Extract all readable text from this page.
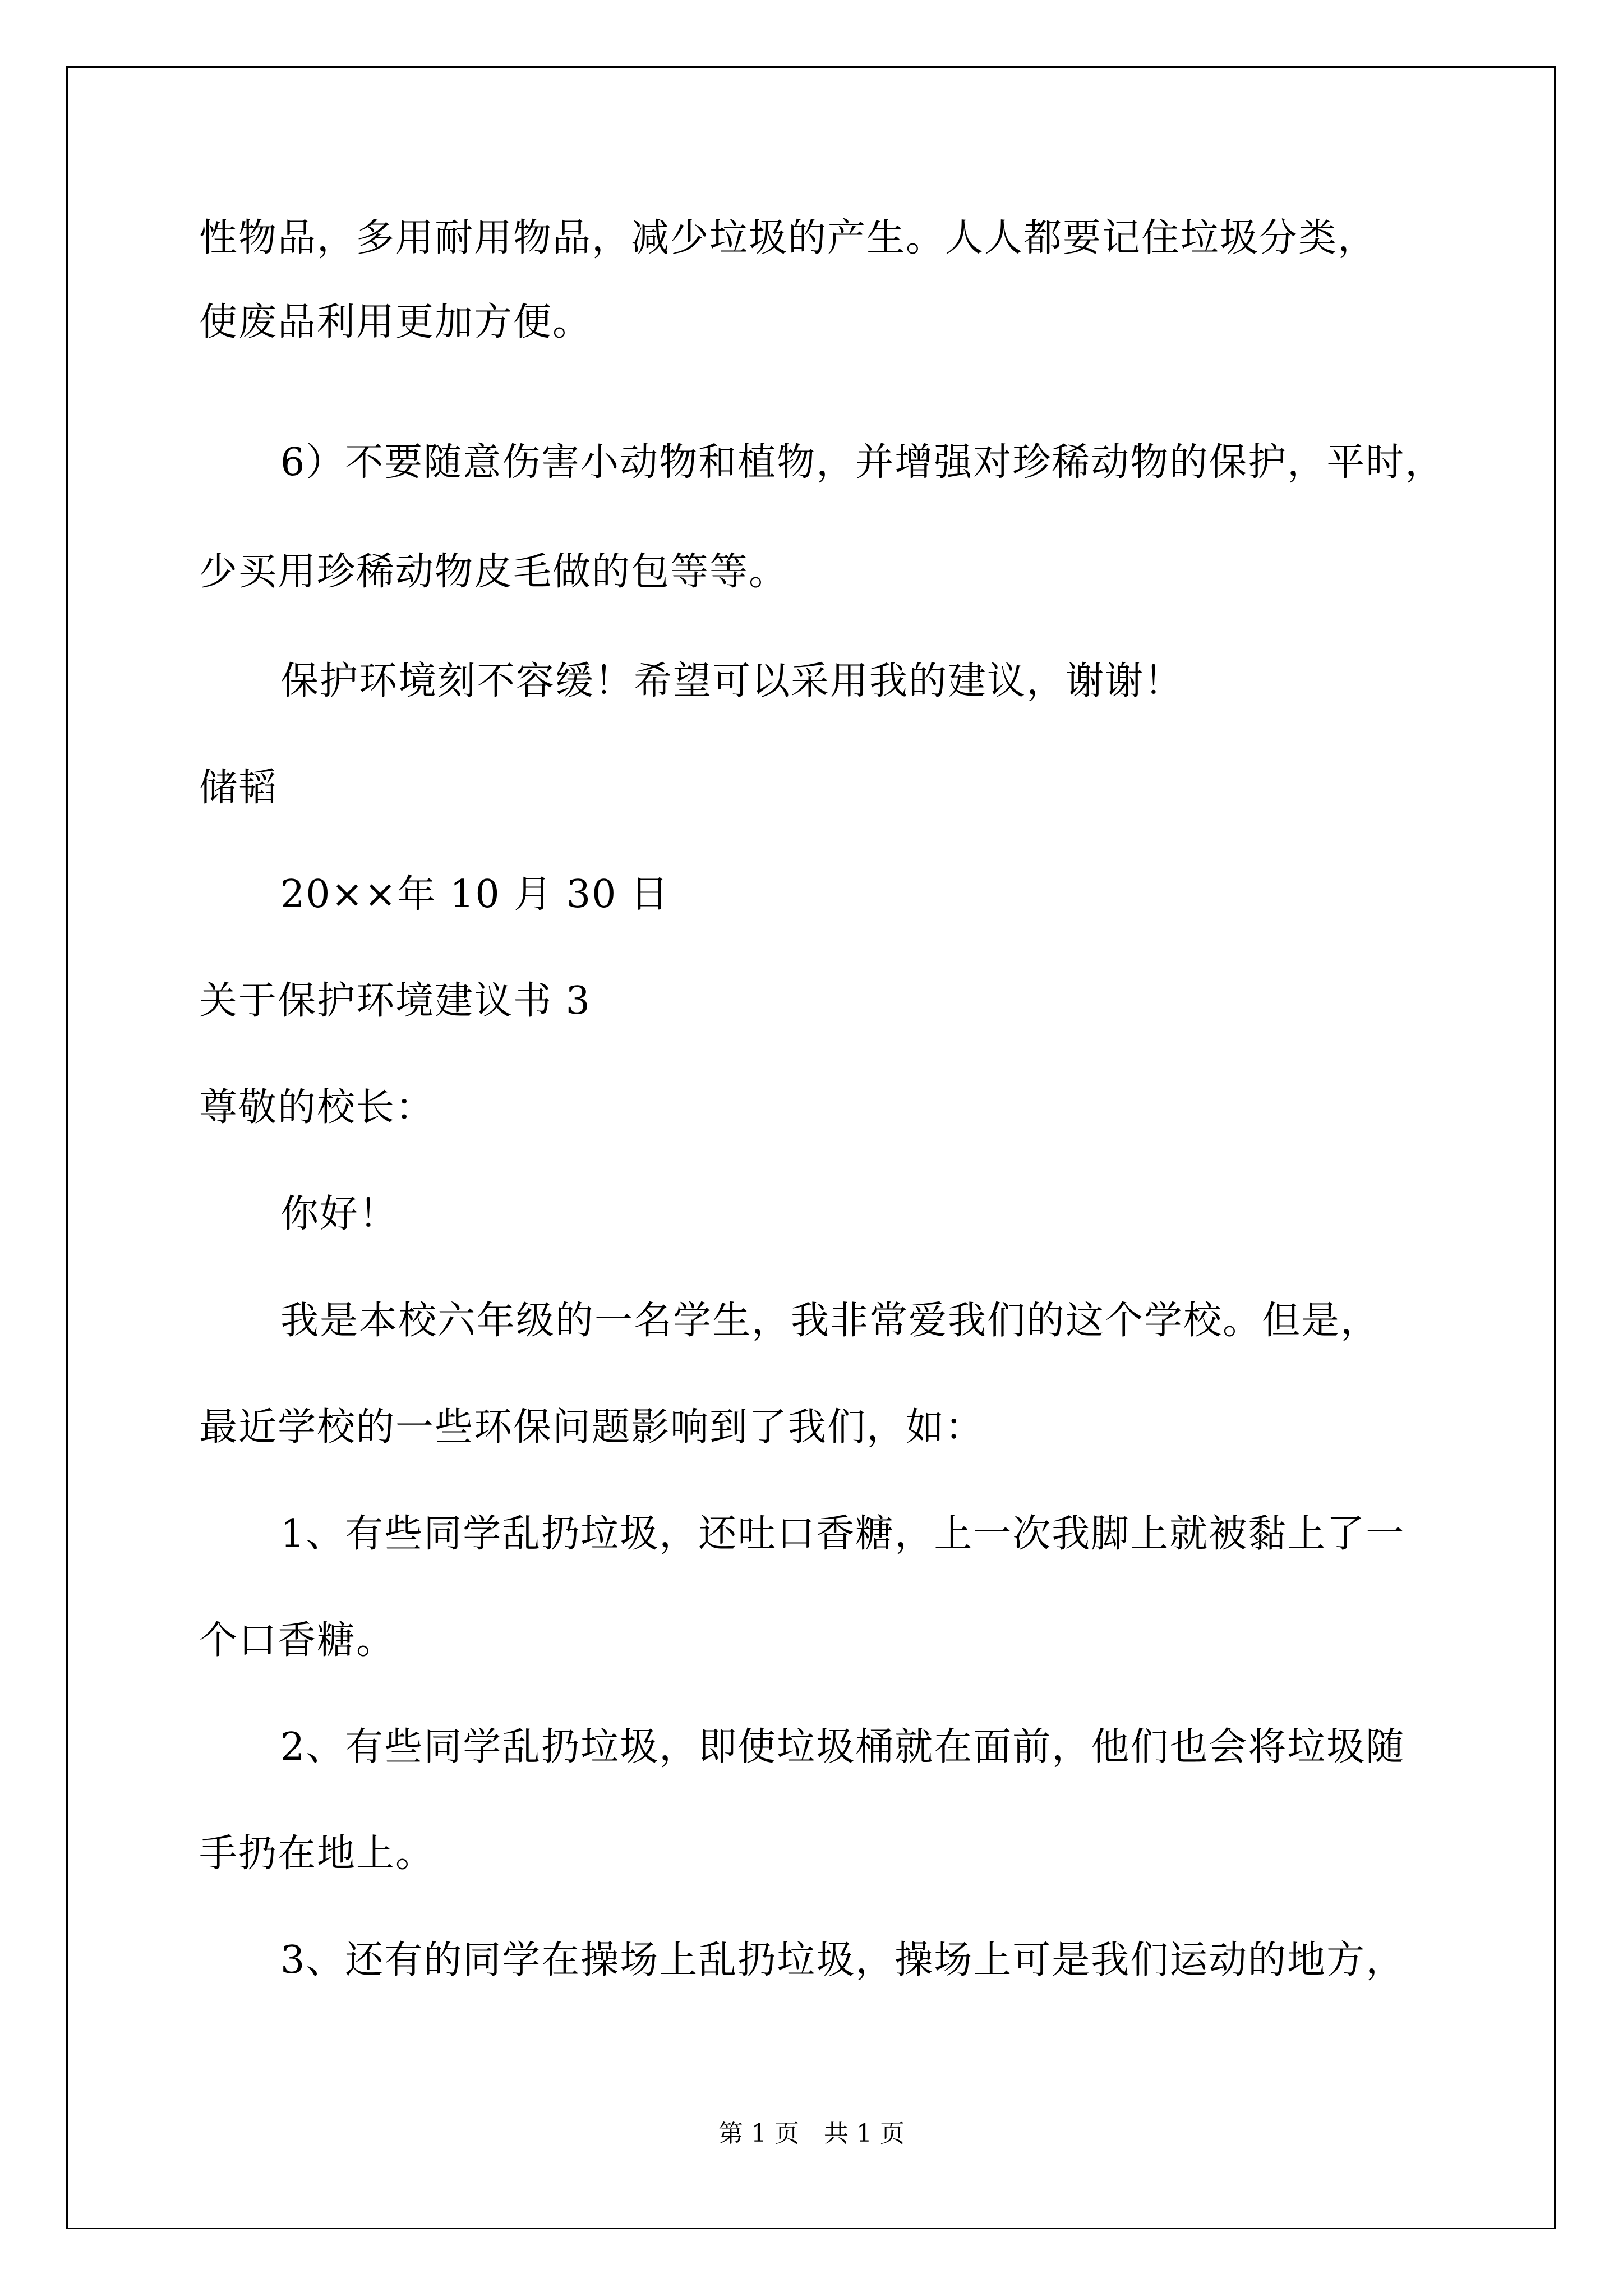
性物品，多用耐用物品，减少垃圾的产生。人人都要记住垃圾分类，
使废品利用更加方便。
6）不要随意伤害小动物和植物，并增强对珍稀动物的保护，平时，
少买用珍稀动物皮毛做的包等等。
保护环境刻不容缓！希望可以采用我的建议，谢谢！
储韬
20××年 10 月 30 日
关于保护环境建议书 3
尊敬的校长：
你好！
我是本校六年级的一名学生，我非常爱我们的这个学校。但是，
最近学校的一些环保问题影响到了我们，如：
1、有些同学乱扔垃圾，还吐口香糖，上一次我脚上就被黏上了一
个口香糖。
2、有些同学乱扔垃圾，即使垃圾桶就在面前，他们也会将垃圾随
手扔在地上。
3、还有的同学在操场上乱扔垃圾，操场上可是我们运动的地方，
第 1 页　共 1 页
